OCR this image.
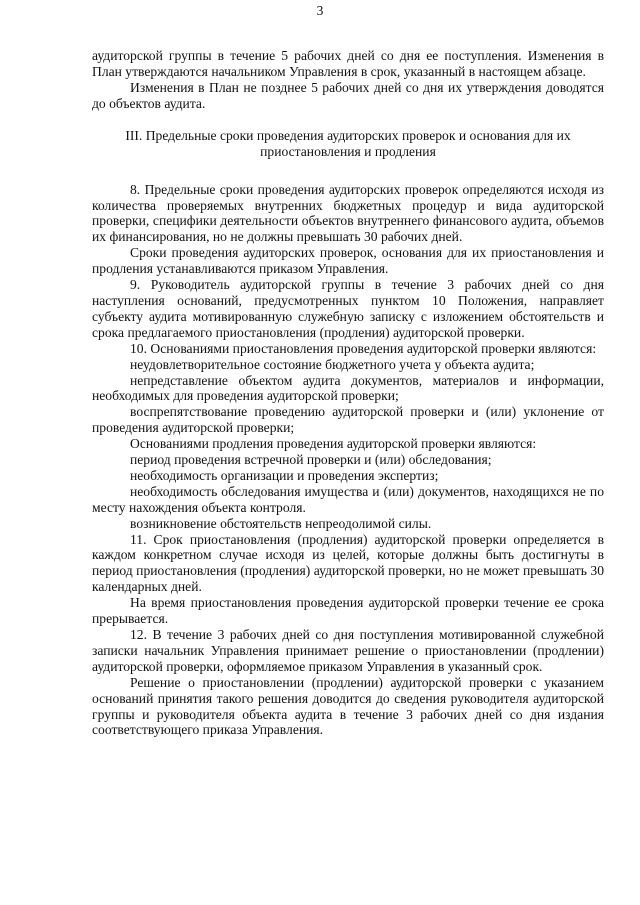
3

аудиторской группы в течение 5 рабочих дней со дня ее поступления. Изменения в План утверждаются начальником Управления в срок, указанный в настоящем абзаце.

Изменения в План не позднее 5 рабочих дней со дня их утверждения доводятся до объектов аудита.

III. Предельные сроки проведения аудиторских проверок и основания для их приостановления и продления

8. Предельные сроки проведения аудиторских проверок определяются исходя из количества проверяемых внутренних бюджетных процедур и вида аудиторской проверки, специфики деятельности объектов внутреннего финансового аудита, объемов их финансирования, но не должны превышать 30 рабочих дней.

Сроки проведения аудиторских проверок, основания для их приостановления и продления устанавливаются приказом Управления.

9. Руководитель аудиторской группы в течение 3 рабочих дней со дня наступления оснований, предусмотренных пунктом 10 Положения, направляет субъекту аудита мотивированную служебную записку с изложением обстоятельств и срока предлагаемого приостановления (продления) аудиторской проверки.

10. Основаниями приостановления проведения аудиторской проверки являются:

неудовлетворительное состояние бюджетного учета у объекта аудита;

непредставление объектом аудита документов, материалов и информации, необходимых для проведения аудиторской проверки;

воспрепятствование проведению аудиторской проверки и (или) уклонение от проведения аудиторской проверки;

Основаниями продления проведения аудиторской проверки являются:

период проведения встречной проверки и (или) обследования;

необходимость организации и проведения экспертиз;

необходимость обследования имущества и (или) документов, находящихся не по месту нахождения объекта контроля.

возникновение обстоятельств непреодолимой силы.

11. Срок приостановления (продления) аудиторской проверки определяется в каждом конкретном случае исходя из целей, которые должны быть достигнуты в период приостановления (продления) аудиторской проверки, но не может превышать 30 календарных дней.

На время приостановления проведения аудиторской проверки течение ее срока прерывается.

12. В течение 3 рабочих дней со дня поступления мотивированной служебной записки начальник Управления принимает решение о приостановлении (продлении) аудиторской проверки, оформляемое приказом Управления в указанный срок.

Решение о приостановлении (продлении) аудиторской проверки с указанием оснований принятия такого решения доводится до сведения руководителя аудиторской группы и руководителя объекта аудита в течение 3 рабочих дней со дня издания соответствующего приказа Управления.
